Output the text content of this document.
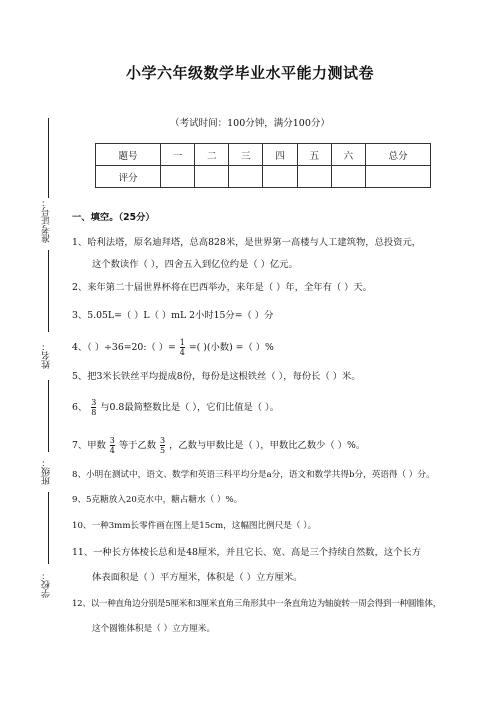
准考证号：
姓名：
班级：
学校：
小学六年级数学毕业水平能力测试卷
（考试时间：100分钟，满分100分）
题号	一	二	三	四	五	六	总分
评分							
一、填空。（25分）
1、哈利法塔，原名迪拜塔，总高828米，是世界第一高楼与人工建筑物，总投资元，
这个数读作（ ），四舍五入到亿位约是（ ）亿元。
2、来年第二十届世界杯将在巴西举办，来年是（ ）年，全年有（ ）天。
3、5.05L=（ ）L（ ）mL 2小时15分=（ ）分
4、（ ）÷36=20:（ ）= $\frac{1}{4}$ =( )(小数) =（ ）%
5、把3米长铁丝平均提成8份，每份是这根铁丝（ ），每份长（ ）米。
6、 $\frac{3}{8}$ 与0.8最简整数比是（ ），它们比值是（ ）。
7、甲数 $\frac{3}{4}$ 等于乙数 $\frac{3}{5}$ ，乙数与甲数比是（ ），甲数比乙数少（ ）%。
8、小明在测试中，语文、数学和英语三科平均分是a分，语文和数学共得b分，英语得（ ）分。
9、5克糖放入20克水中，糖占糖水（ ）%。
10、一种3mm长零件画在图上是15cm，这幅图比例尺是（ ）。
11、一种长方体棱长总和是48厘米，并且它长、宽、高是三个持续自然数，这个长方
体表面积是（ ）平方厘米，体积是（ ）立方厘米。
12、以一种直角边分别是5厘米和3厘米直角三角形其中一条直角边为轴旋转一周会得到一种圆锥体，
这个圆锥体积是（ ）立方厘米。
